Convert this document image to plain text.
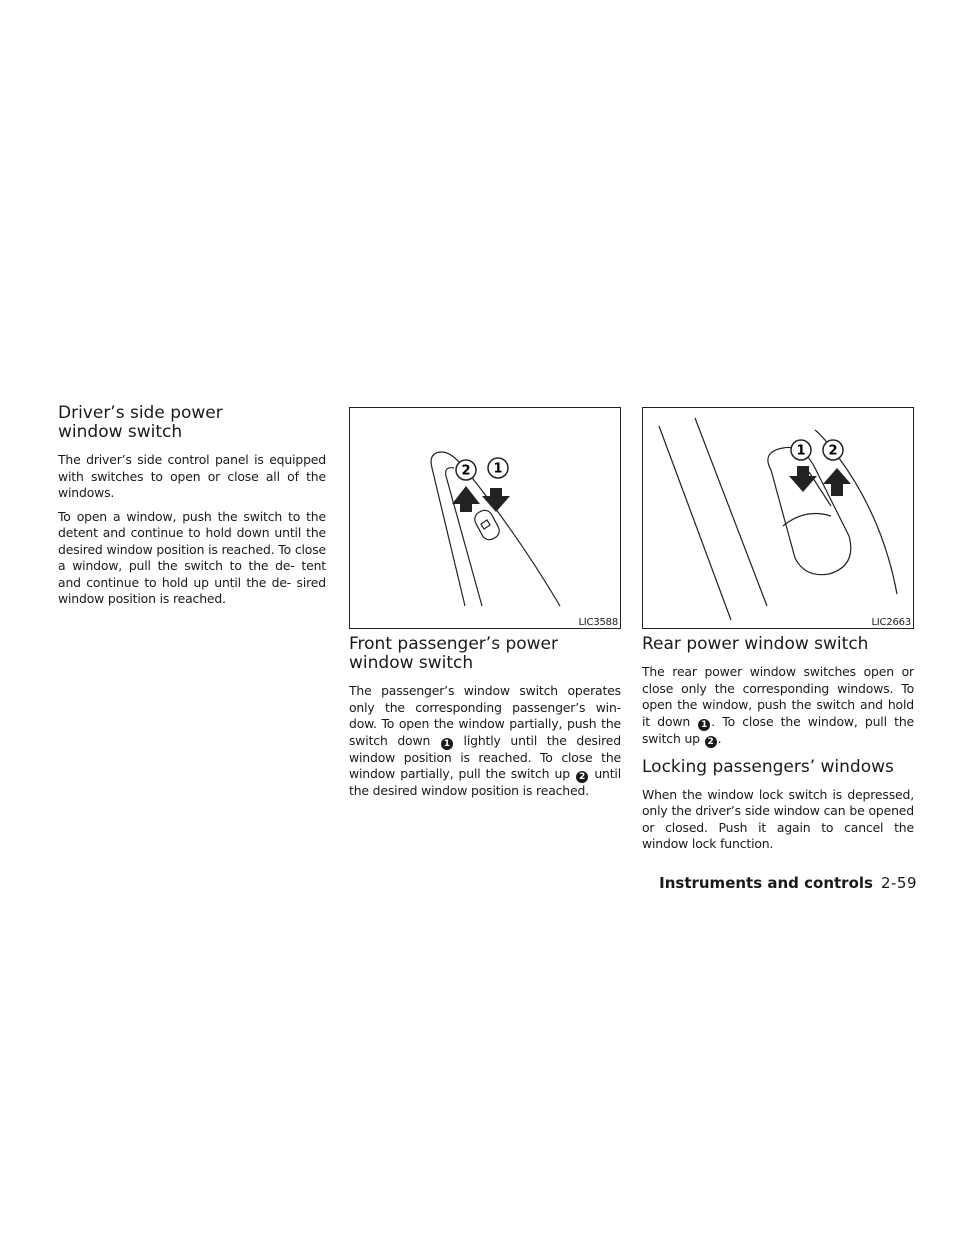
Driver’s side power window switch

The driver’s side control panel is equipped with switches to open or close all of the windows.

To open a window, push the switch to the detent and continue to hold down until the desired window position is reached. To close a window, pull the switch to the de- tent and continue to hold up until the de- sired window position is reached.

2 1
LIC3588
1 2
LIC2663
Front passenger’s power window switch

The passenger’s window switch operates only the corresponding passenger’s win- dow. To open the window partially, push the switch down 1 lightly until the desired window position is reached. To close the window partially, pull the switch up 2 until the desired window position is reached.

Rear power window switch

The rear power window switches open or close only the corresponding windows. To open the window, push the switch and hold it down 1 . To close the window, pull the switch up 2 .

Locking passengers’ windows

When the window lock switch is depressed, only the driver’s side window can be opened or closed. Push it again to cancel the window lock function.

Instruments and controls 2-59
